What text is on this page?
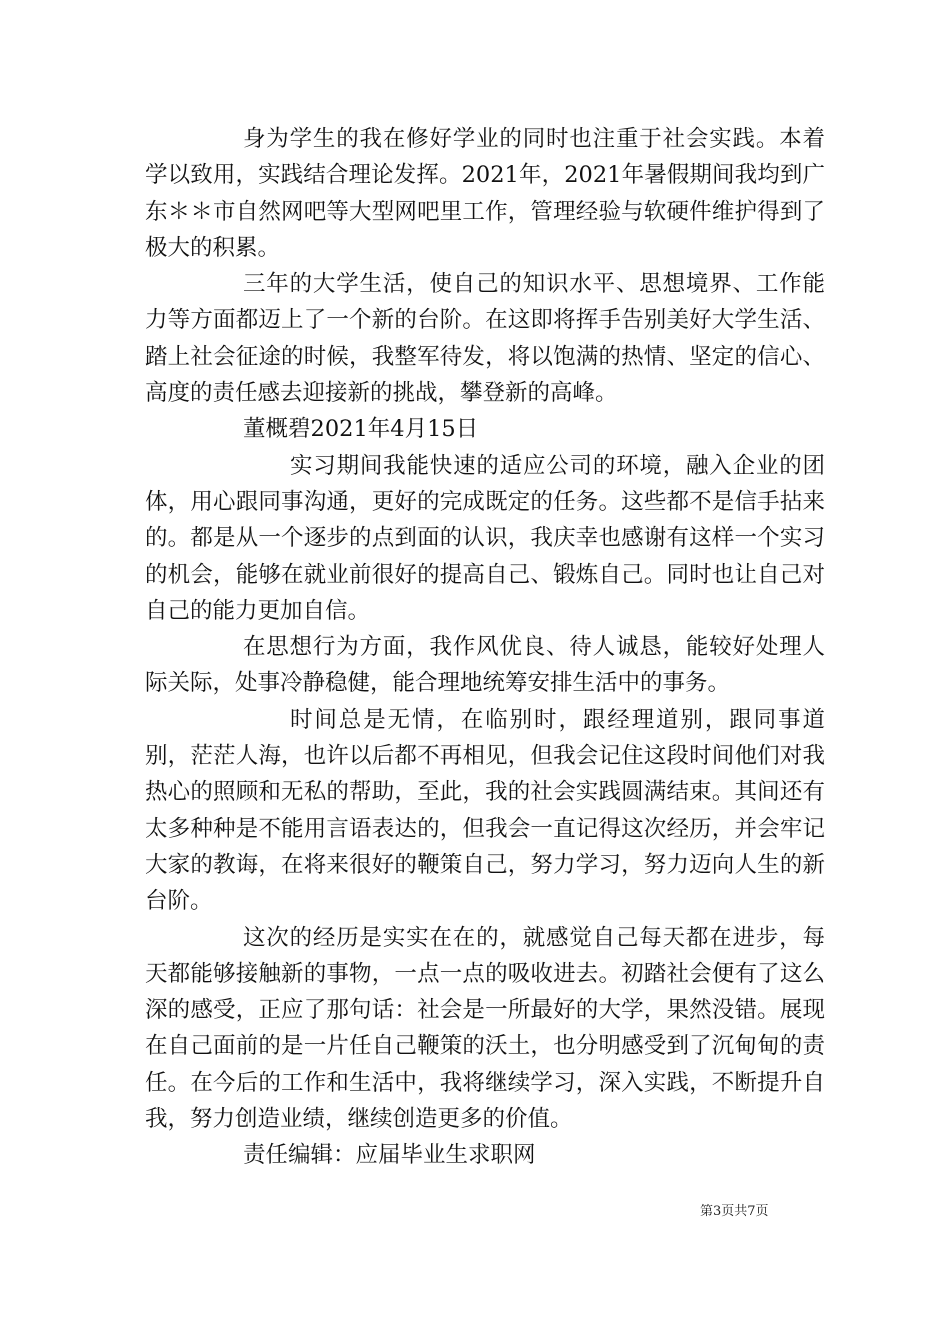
身为学生的我在修好学业的同时也注重于社会实践。本着学以致用，实践结合理论发挥。2021年，2021年暑假期间我均到广东＊＊市自然网吧等大型网吧里工作，管理经验与软硬件维护得到了极大的积累。

三年的大学生活，使自己的知识水平、思想境界、工作能力等方面都迈上了一个新的台阶。在这即将挥手告别美好大学生活、踏上社会征途的时候，我整军待发，将以饱满的热情、坚定的信心、高度的责任感去迎接新的挑战，攀登新的高峰。

董概碧2021年4月15日

实习期间我能快速的适应公司的环境，融入企业的团体，用心跟同事沟通，更好的完成既定的任务。这些都不是信手拈来的。都是从一个逐步的点到面的认识，我庆幸也感谢有这样一个实习的机会，能够在就业前很好的提高自己、锻炼自己。同时也让自己对自己的能力更加自信。

在思想行为方面，我作风优良、待人诚恳，能较好处理人际关际，处事冷静稳健，能合理地统筹安排生活中的事务。

时间总是无情，在临别时，跟经理道别，跟同事道别，茫茫人海，也许以后都不再相见，但我会记住这段时间他们对我热心的照顾和无私的帮助，至此，我的社会实践圆满结束。其间还有太多种种是不能用言语表达的，但我会一直记得这次经历，并会牢记大家的教诲，在将来很好的鞭策自己，努力学习，努力迈向人生的新台阶。

这次的经历是实实在在的，就感觉自己每天都在进步，每天都能够接触新的事物，一点一点的吸收进去。初踏社会便有了这么深的感受，正应了那句话：社会是一所最好的大学，果然没错。展现在自己面前的是一片任自己鞭策的沃土，也分明感受到了沉甸甸的责任。在今后的工作和生活中，我将继续学习，深入实践，不断提升自我，努力创造业绩，继续创造更多的价值。

责任编辑：应届毕业生求职网

第3页共7页
